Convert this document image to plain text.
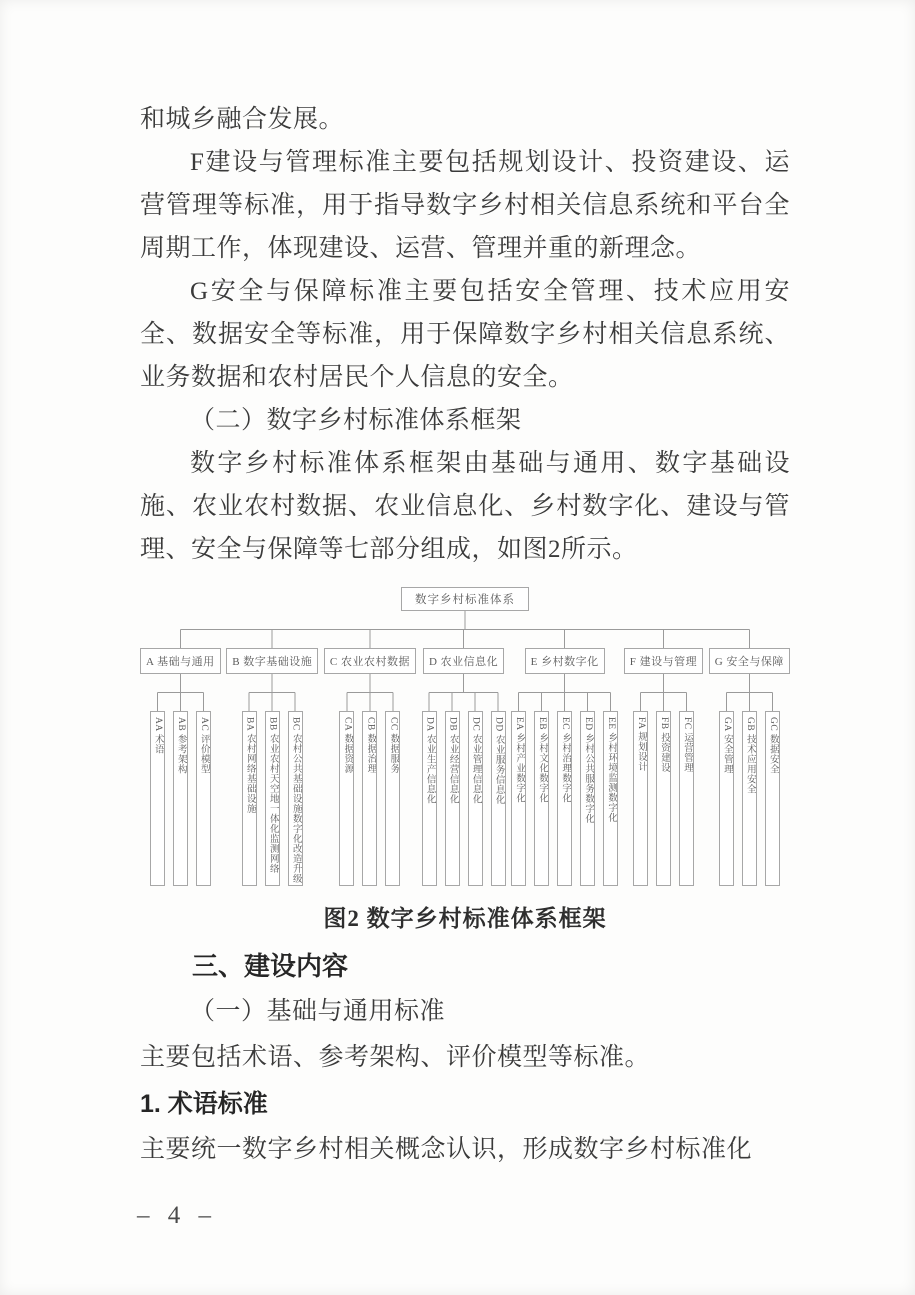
和城乡融合发展。
F建设与管理标准主要包括规划设计、投资建设、运营管理等标准，用于指导数字乡村相关信息系统和平台全周期工作，体现建设、运营、管理并重的新理念。
G安全与保障标准主要包括安全管理、技术应用安全、数据安全等标准，用于保障数字乡村相关信息系统、业务数据和农村居民个人信息的安全。
（二）数字乡村标准体系框架
数字乡村标准体系框架由基础与通用、数字基础设施、农业农村数据、农业信息化、乡村数字化、建设与管理、安全与保障等七部分组成，如图2所示。
数字乡村标准体系
A 基础与通用
AA 术语	AB 参考架构	AC 评价模型
B 数字基础设施
BA 农村网络基础设施	BB 农业农村天空地一体化监测网络	BC 农村公共基础设施数字化改造升级
C 农业农村数据
CA 数据资源	CB 数据治理	CC 数据服务
D 农业信息化
DA 农业生产信息化	DB 农业经营信息化	DC 农业管理信息化	DD 农业服务信息化
E 乡村数字化
EA 乡村产业数字化	EB 乡村文化数字化	EC 乡村治理数字化	ED 乡村公共服务数字化	EE 乡村环境监测数字化
F 建设与管理
FA 规划设计	FB 投资建设	FC 运营管理
G 安全与保障
GA 安全管理	GB 技术应用安全	GC 数据安全
图2 数字乡村标准体系框架
三、建设内容
（一）基础与通用标准
主要包括术语、参考架构、评价模型等标准。
1. 术语标准
主要统一数字乡村相关概念认识，形成数字乡村标准化
– 4 –
